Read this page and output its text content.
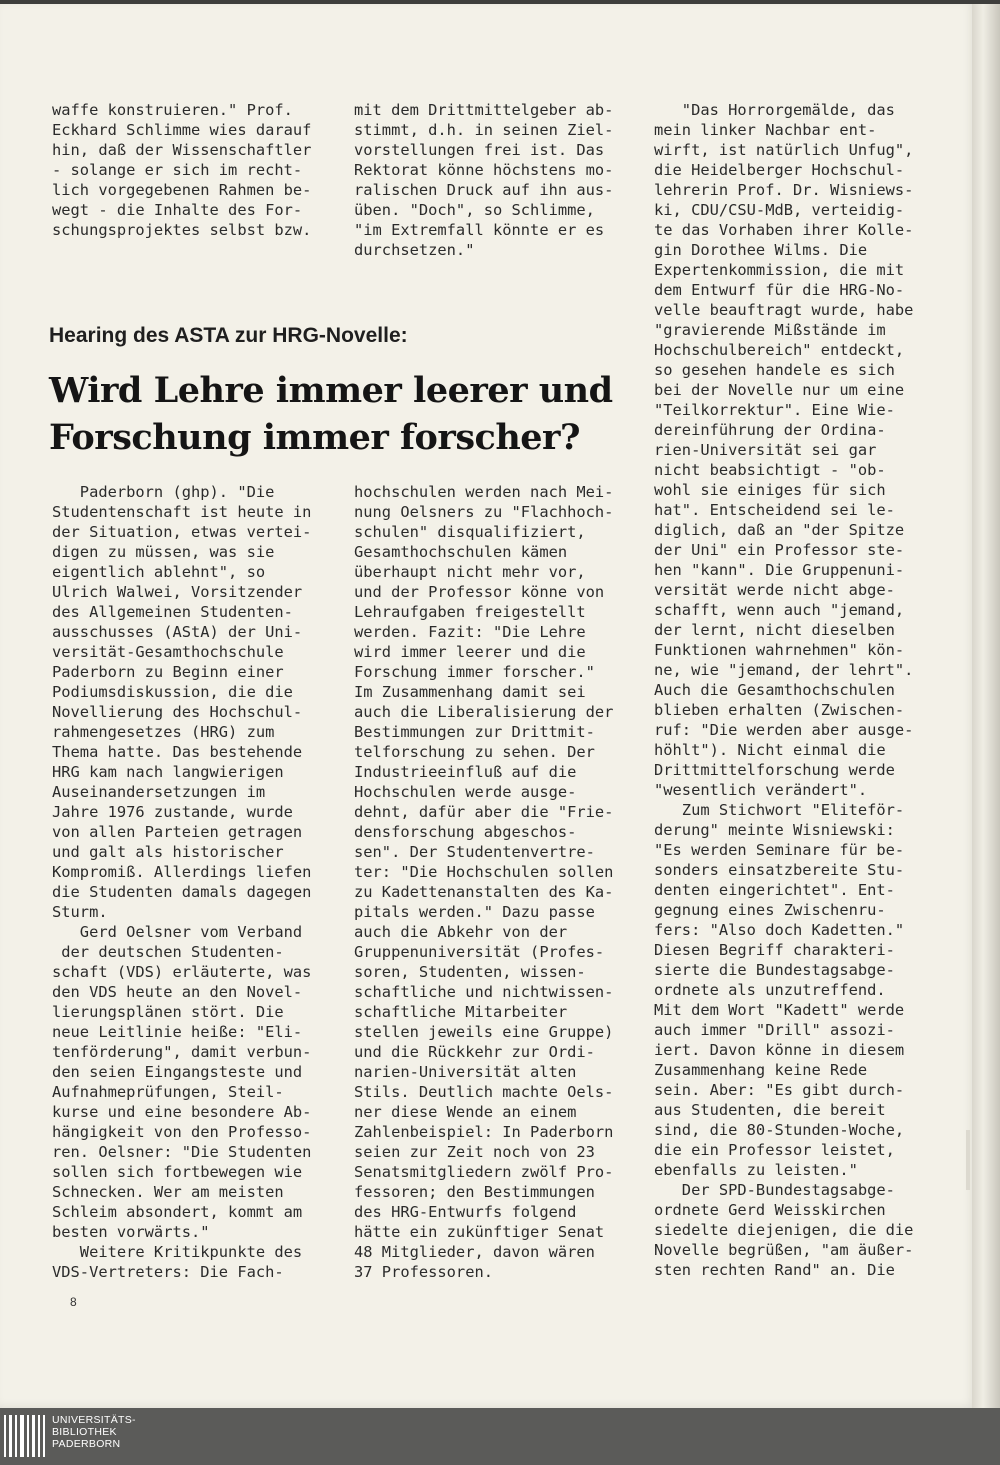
waffe konstruieren." Prof.
Eckhard Schlimme wies darauf
hin, daß der Wissenschaftler
- solange er sich im recht-
lich vorgegebenen Rahmen be-
wegt - die Inhalte des For-
schungsprojektes selbst bzw.

mit dem Drittmittelgeber ab-
stimmt, d.h. in seinen Ziel-
vorstellungen frei ist. Das
Rektorat könne höchstens mo-
ralischen Druck auf ihn aus-
üben. "Doch", so Schlimme,
"im Extremfall könnte er es
durchsetzen."

Hearing des ASTA zur HRG-Novelle:
Wird Lehre immer leerer und
Forschung immer forscher?

Paderborn (ghp). "Die
Studentenschaft ist heute in
der Situation, etwas vertei-
digen zu müssen, was sie
eigentlich ablehnt", so
Ulrich Walwei, Vorsitzender
des Allgemeinen Studenten-
ausschusses (AStA) der Uni-
versität-Gesamthochschule
Paderborn zu Beginn einer
Podiumsdiskussion, die die
Novellierung des Hochschul-
rahmengesetzes (HRG) zum
Thema hatte. Das bestehende
HRG kam nach langwierigen
Auseinandersetzungen im
Jahre 1976 zustande, wurde
von allen Parteien getragen
und galt als historischer
Kompromiß. Allerdings liefen
die Studenten damals dagegen
Sturm.
Gerd Oelsner vom Verband
der deutschen Studenten-
schaft (VDS) erläuterte, was
den VDS heute an den Novel-
lierungsplänen stört. Die
neue Leitlinie heiße: "Eli-
tenförderung", damit verbun-
den seien Eingangsteste und
Aufnahmeprüfungen, Steil-
kurse und eine besondere Ab-
hängigkeit von den Professo-
ren. Oelsner: "Die Studenten
sollen sich fortbewegen wie
Schnecken. Wer am meisten
Schleim absondert, kommt am
besten vorwärts."
Weitere Kritikpunkte des
VDS-Vertreters: Die Fach-

hochschulen werden nach Mei-
nung Oelsners zu "Flachhoch-
schulen" disqualifiziert,
Gesamthochschulen kämen
überhaupt nicht mehr vor,
und der Professor könne von
Lehraufgaben freigestellt
werden. Fazit: "Die Lehre
wird immer leerer und die
Forschung immer forscher."
Im Zusammenhang damit sei
auch die Liberalisierung der
Bestimmungen zur Drittmit-
telforschung zu sehen. Der
Industrieeinfluß auf die
Hochschulen werde ausge-
dehnt, dafür aber die "Frie-
densforschung abgeschos-
sen". Der Studentenvertre-
ter: "Die Hochschulen sollen
zu Kadettenanstalten des Ka-
pitals werden." Dazu passe
auch die Abkehr von der
Gruppenuniversität (Profes-
soren, Studenten, wissen-
schaftliche und nichtwissen-
schaftliche Mitarbeiter
stellen jeweils eine Gruppe)
und die Rückkehr zur Ordi-
narien-Universität alten
Stils. Deutlich machte Oels-
ner diese Wende an einem
Zahlenbeispiel: In Paderborn
seien zur Zeit noch von 23
Senatsmitgliedern zwölf Pro-
fessoren; den Bestimmungen
des HRG-Entwurfs folgend
hätte ein zukünftiger Senat
48 Mitglieder, davon wären
37 Professoren.

"Das Horrorgemälde, das
mein linker Nachbar ent-
wirft, ist natürlich Unfug",
die Heidelberger Hochschul-
lehrerin Prof. Dr. Wisniews-
ki, CDU/CSU-MdB, verteidig-
te das Vorhaben ihrer Kolle-
gin Dorothee Wilms. Die
Expertenkommission, die mit
dem Entwurf für die HRG-No-
velle beauftragt wurde, habe
"gravierende Mißstände im
Hochschulbereich" entdeckt,
so gesehen handele es sich
bei der Novelle nur um eine
"Teilkorrektur". Eine Wie-
dereinführung der Ordina-
rien-Universität sei gar
nicht beabsichtigt - "ob-
wohl sie einiges für sich
hat". Entscheidend sei le-
diglich, daß an "der Spitze
der Uni" ein Professor ste-
hen "kann". Die Gruppenuni-
versität werde nicht abge-
schafft, wenn auch "jemand,
der lernt, nicht dieselben
Funktionen wahrnehmen" kön-
ne, wie "jemand, der lehrt".
Auch die Gesamthochschulen
blieben erhalten (Zwischen-
ruf: "Die werden aber ausge-
höhlt"). Nicht einmal die
Drittmittelforschung werde
"wesentlich verändert".
Zum Stichwort "Eliteför-
derung" meinte Wisniewski:
"Es werden Seminare für be-
sonders einsatzbereite Stu-
denten eingerichtet". Ent-
gegnung eines Zwischenru-
fers: "Also doch Kadetten."
Diesen Begriff charakteri-
sierte die Bundestagsabge-
ordnete als unzutreffend.
Mit dem Wort "Kadett" werde
auch immer "Drill" assozi-
iert. Davon könne in diesem
Zusammenhang keine Rede
sein. Aber: "Es gibt durch-
aus Studenten, die bereit
sind, die 80-Stunden-Woche,
die ein Professor leistet,
ebenfalls zu leisten."
Der SPD-Bundestagsabge-
ordnete Gerd Weisskirchen
siedelte diejenigen, die die
Novelle begrüßen, "am äußer-
sten rechten Rand" an. Die

8

UNIVERSITÄTS-
BIBLIOTHEK
PADERBORN
